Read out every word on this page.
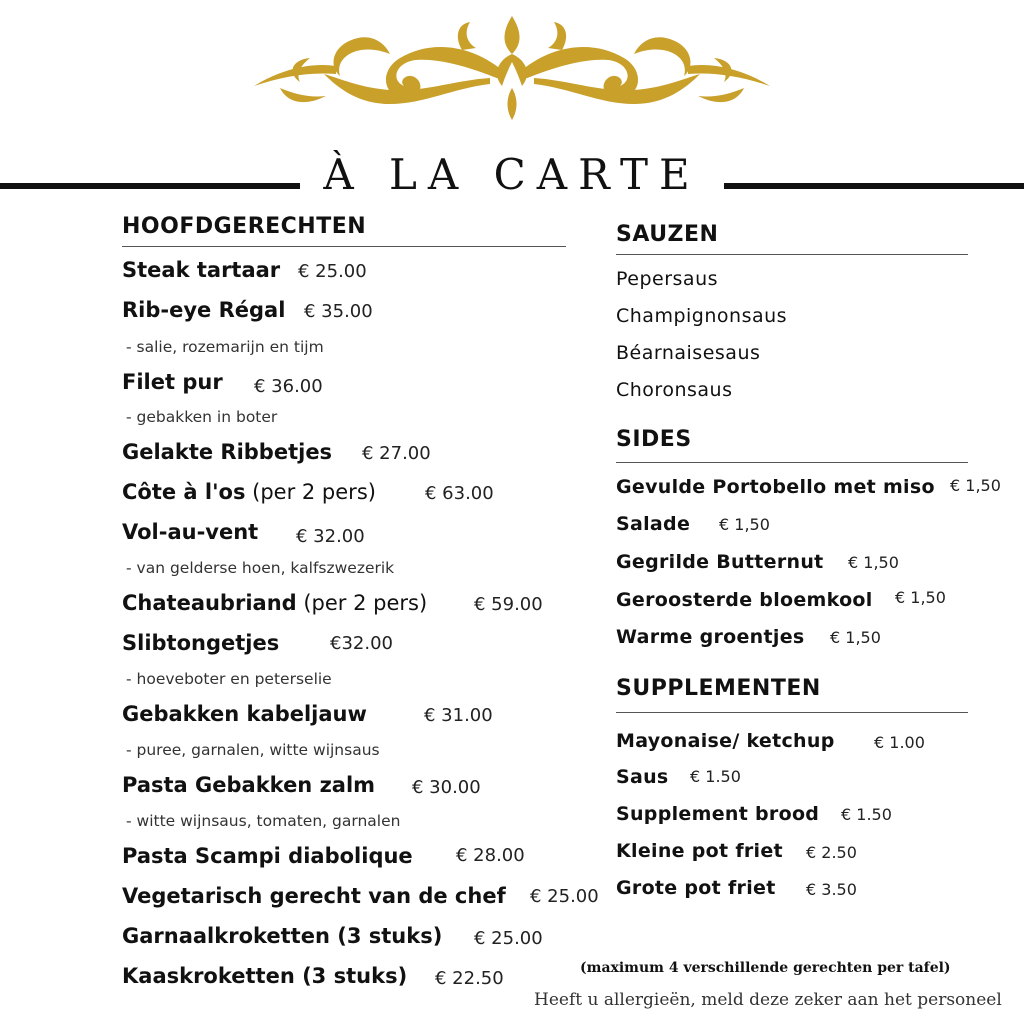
À LA CARTE
HOOFDGERECHTEN
Steak tartaar € 25.00
Rib-eye Régal € 35.00
- salie, rozemarijn en tijm
Filet pur € 36.00
- gebakken in boter
Gelakte Ribbetjes € 27.00
Côte à l'os (per 2 pers)	€ 63.00
Vol-au-vent € 32.00
- van gelderse hoen, kalfszwezerik
Chateaubriand (per 2 pers)	€ 59.00
Slibtongetjes	€32.00
- hoeveboter en peterselie
Gebakken kabeljauw	€ 31.00
- puree, garnalen, witte wijnsaus
Pasta Gebakken zalm € 30.00
- witte wijnsaus, tomaten, garnalen
Pasta Scampi diabolique € 28.00
Vegetarisch gerecht van de chef € 25.00
Garnaalkroketten (3 stuks) € 25.00
Kaaskroketten (3 stuks) € 22.50
SAUZEN
Pepersaus
Champignonsaus
Béarnaisesaus
Choronsaus
SIDES
Gevulde Portobello met miso € 1,50
Salade € 1,50
Gegrilde Butternut € 1,50
Geroosterde bloemkool € 1,50
Warme groentjes € 1,50
SUPPLEMENTEN
Mayonaise/ ketchup € 1.00
Saus € 1.50
Supplement brood € 1.50
Kleine pot friet € 2.50
Grote pot friet € 3.50
(maximum 4 verschillende gerechten per tafel)
Heeft u allergieën, meld deze zeker aan het personeel
